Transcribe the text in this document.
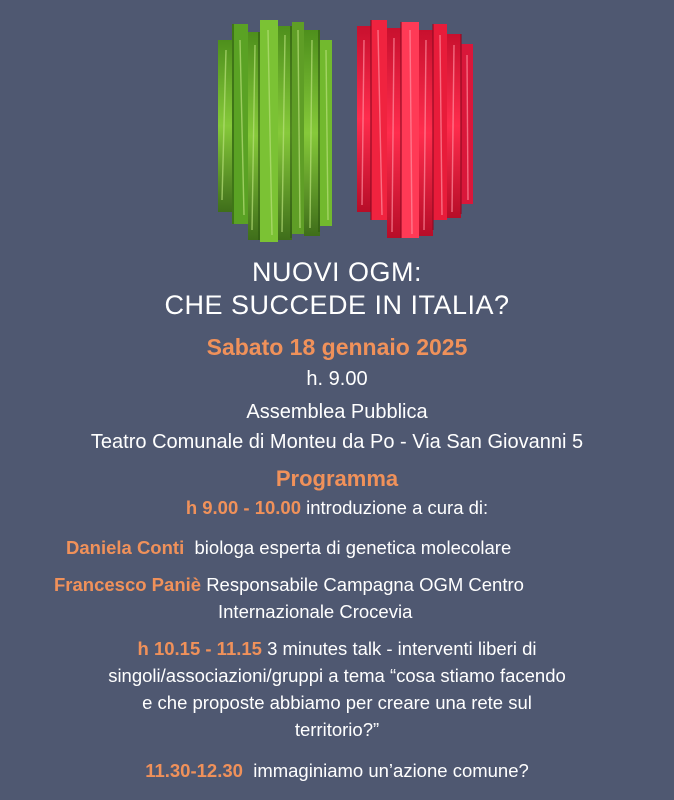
NUOVI OGM:
CHE SUCCEDE IN ITALIA?
Sabato 18 gennaio 2025
h. 9.00
Assemblea Pubblica
Teatro Comunale di Monteu da Po - Via San Giovanni 5
Programma
h 9.00 - 10.00 introduzione a cura di:
Daniela Conti biologa esperta di genetica molecolare
Francesco Paniè Responsabile Campagna OGM Centro
Internazionale Crocevia
h 10.15 - 11.15 3 minutes talk - interventi liberi di
singoli/associazioni/gruppi a tema “cosa stiamo facendo
e che proposte abbiamo per creare una rete sul
territorio?”
11.30-12.30 immaginiamo un’azione comune?
